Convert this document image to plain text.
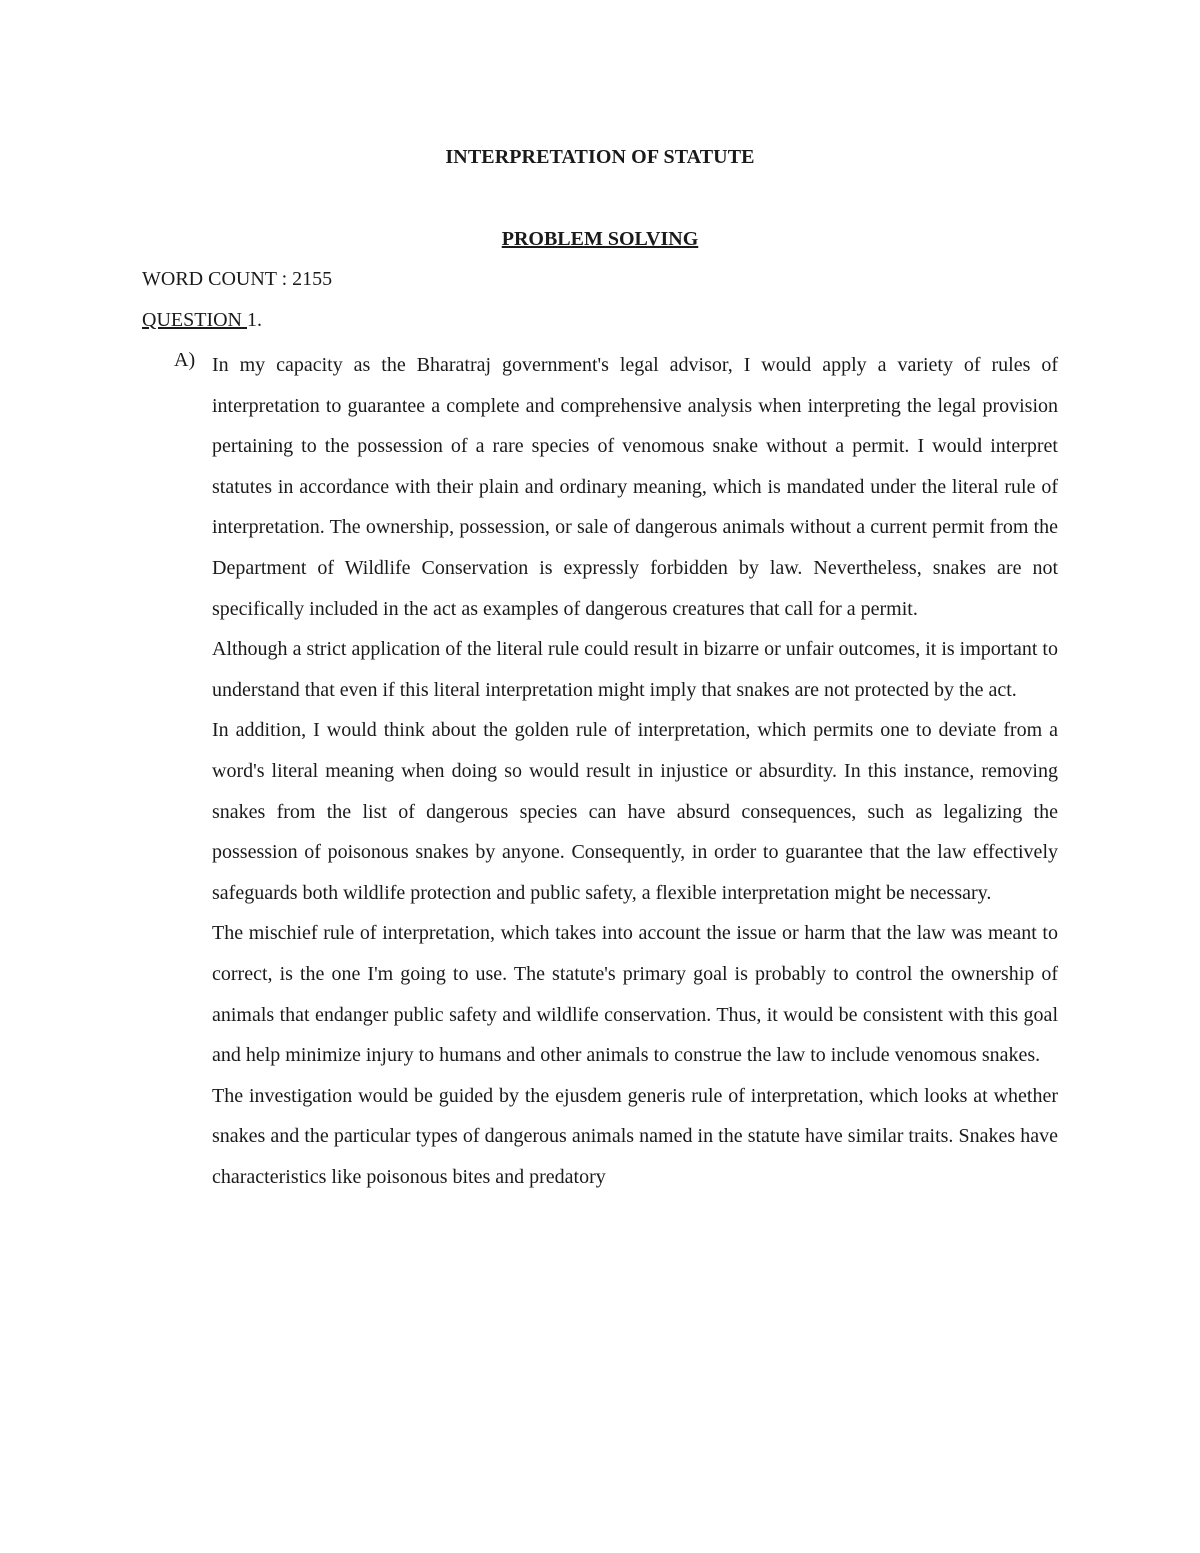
INTERPRETATION OF STATUTE
PROBLEM SOLVING
WORD COUNT : 2155
QUESTION 1.
A) In my capacity as the Bharatraj government's legal advisor, I would apply a variety of rules of interpretation to guarantee a complete and comprehensive analysis when interpreting the legal provision pertaining to the possession of a rare species of venomous snake without a permit. I would interpret statutes in accordance with their plain and ordinary meaning, which is mandated under the literal rule of interpretation. The ownership, possession, or sale of dangerous animals without a current permit from the Department of Wildlife Conservation is expressly forbidden by law. Nevertheless, snakes are not specifically included in the act as examples of dangerous creatures that call for a permit.

Although a strict application of the literal rule could result in bizarre or unfair outcomes, it is important to understand that even if this literal interpretation might imply that snakes are not protected by the act.

In addition, I would think about the golden rule of interpretation, which permits one to deviate from a word's literal meaning when doing so would result in injustice or absurdity. In this instance, removing snakes from the list of dangerous species can have absurd consequences, such as legalizing the possession of poisonous snakes by anyone. Consequently, in order to guarantee that the law effectively safeguards both wildlife protection and public safety, a flexible interpretation might be necessary.

The mischief rule of interpretation, which takes into account the issue or harm that the law was meant to correct, is the one I'm going to use. The statute's primary goal is probably to control the ownership of animals that endanger public safety and wildlife conservation. Thus, it would be consistent with this goal and help minimize injury to humans and other animals to construe the law to include venomous snakes.

The investigation would be guided by the ejusdem generis rule of interpretation, which looks at whether snakes and the particular types of dangerous animals named in the statute have similar traits. Snakes have characteristics like poisonous bites and predatory
